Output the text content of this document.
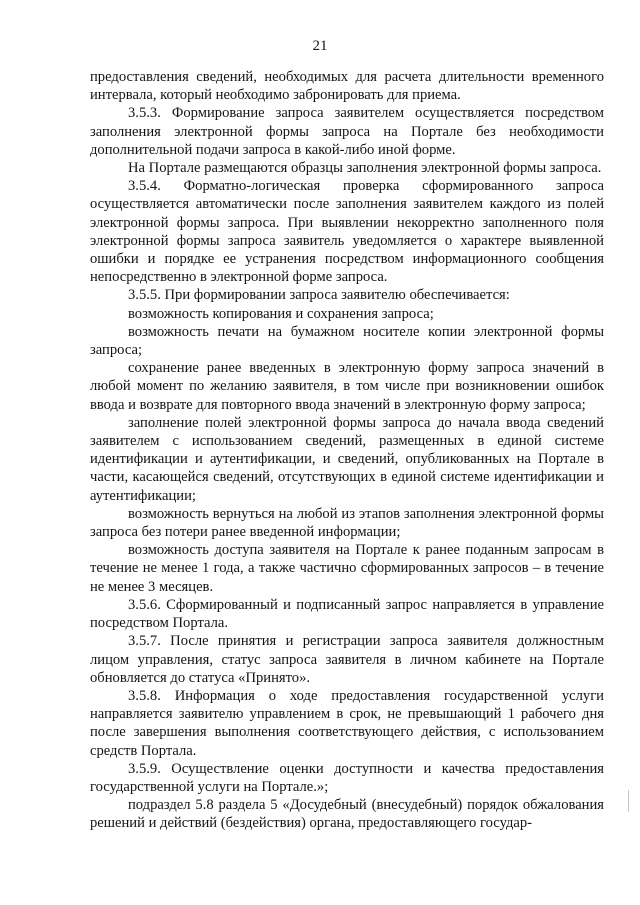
21

предоставления сведений, необходимых для расчета длительности временного интервала, который необходимо забронировать для приема.

3.5.3. Формирование запроса заявителем осуществляется посредством заполнения электронной формы запроса на Портале без необходимости дополнительной подачи запроса в какой-либо иной форме.

На Портале размещаются образцы заполнения электронной формы запроса.

3.5.4. Форматно-логическая проверка сформированного запроса осуществляется автоматически после заполнения заявителем каждого из полей электронной формы запроса. При выявлении некорректно заполненного поля электронной формы запроса заявитель уведомляется о характере выявленной ошибки и порядке ее устранения посредством информационного сообщения непосредственно в электронной форме запроса.

3.5.5. При формировании запроса заявителю обеспечивается:

возможность копирования и сохранения запроса;

возможность печати на бумажном носителе копии электронной формы запроса;

сохранение ранее введенных в электронную форму запроса значений в любой момент по желанию заявителя, в том числе при возникновении ошибок ввода и возврате для повторного ввода значений в электронную форму запроса;

заполнение полей электронной формы запроса до начала ввода сведений заявителем с использованием сведений, размещенных в единой системе идентификации и аутентификации, и сведений, опубликованных на Портале в части, касающейся сведений, отсутствующих в единой системе идентификации и аутентификации;

возможность вернуться на любой из этапов заполнения электронной формы запроса без потери ранее введенной информации;

возможность доступа заявителя на Портале к ранее поданным запросам в течение не менее 1 года, а также частично сформированных запросов – в течение не менее 3 месяцев.

3.5.6. Сформированный и подписанный запрос направляется в управление посредством Портала.

3.5.7. После принятия и регистрации запроса заявителя должностным лицом управления, статус запроса заявителя в личном кабинете на Портале обновляется до статуса «Принято».

3.5.8. Информация о ходе предоставления государственной услуги направляется заявителю управлением в срок, не превышающий 1 рабочего дня после завершения выполнения соответствующего действия, с использованием средств Портала.

3.5.9. Осуществление оценки доступности и качества предоставления государственной услуги на Портале.»;

подраздел 5.8 раздела 5 «Досудебный (внесудебный) порядок обжалования решений и действий (бездействия) органа, предоставляющего государ-
